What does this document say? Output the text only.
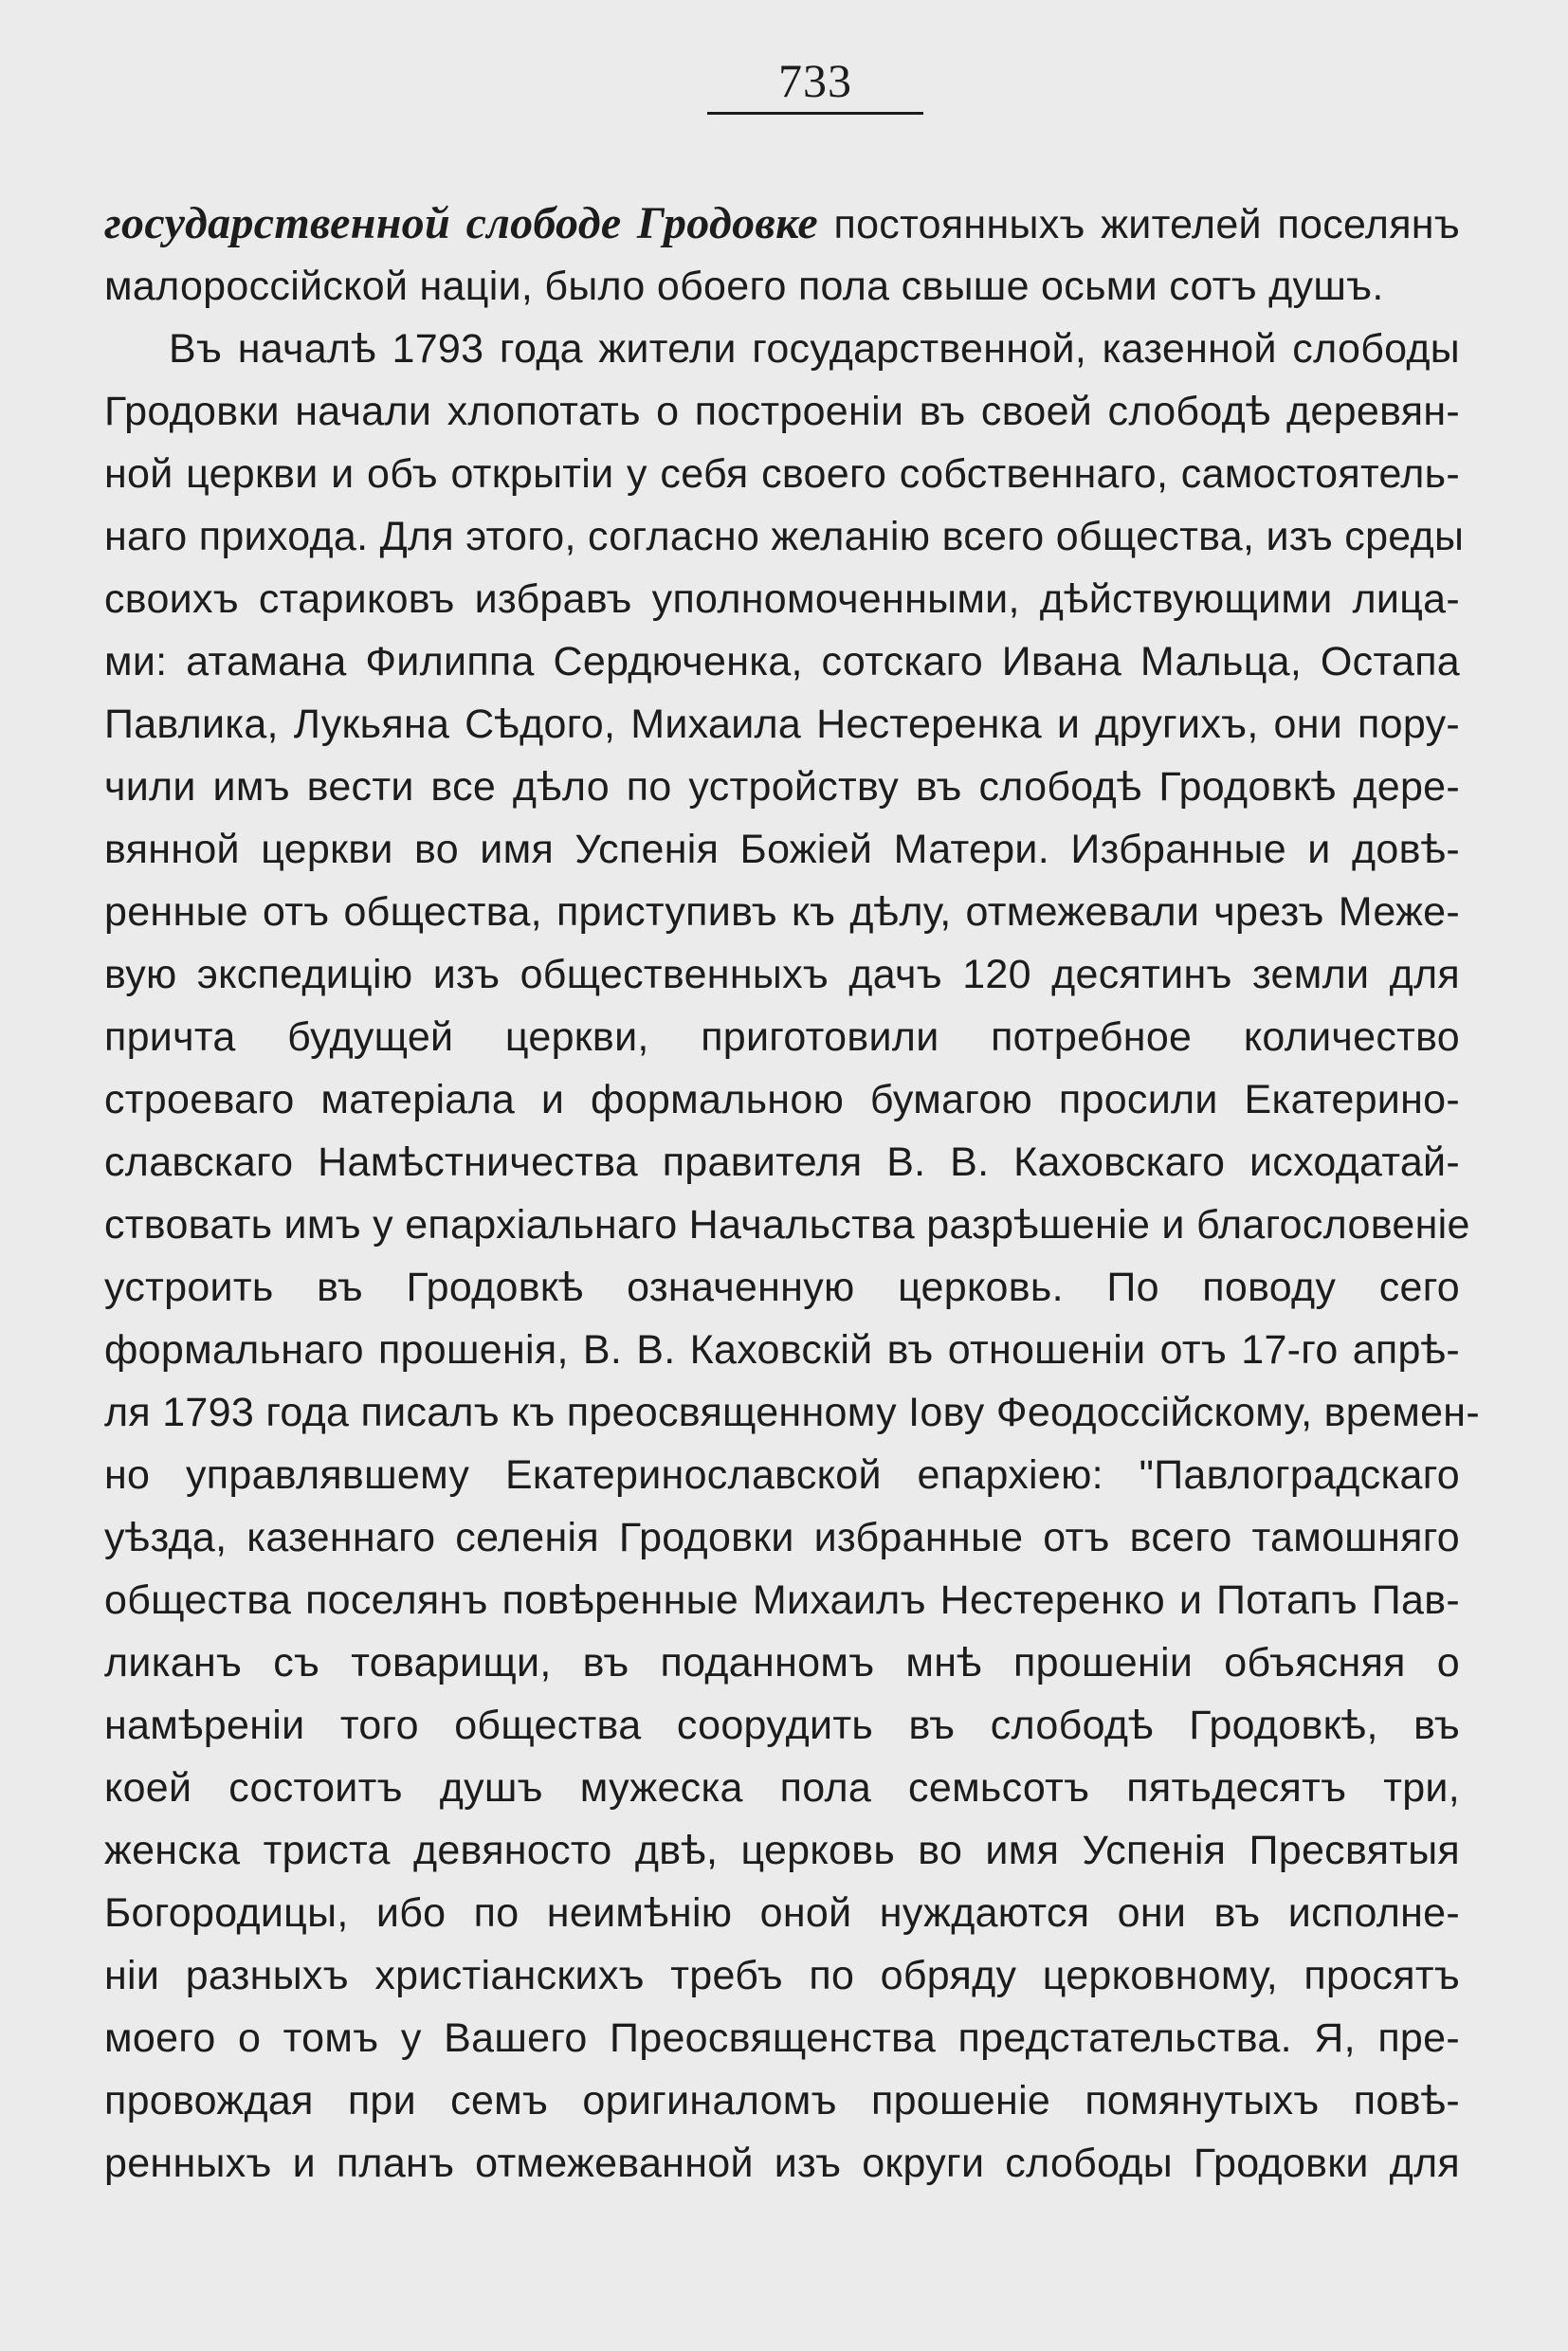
733
государственной слободе Гродовке постоянныхъ жителей поселянъ
малороссійской націи, было обоего пола свыше осьми сотъ душъ.
Въ началѣ 1793 года жители государственной, казенной слободы
Гродовки начали хлопотать о построеніи въ своей слободѣ деревян-
ной церкви и объ открытіи у себя своего собственнаго, самостоятель-
наго прихода. Для этого, согласно желанію всего общества, изъ среды
своихъ стариковъ избравъ уполномоченными, дѣйствующими лица-
ми: атамана Филиппа Сердюченка, сотскаго Ивана Мальца, Остапа
Павлика, Лукьяна Сѣдого, Михаила Нестеренка и другихъ, они пору-
чили имъ вести все дѣло по устройству въ слободѣ Гродовкѣ дере-
вянной церкви во имя Успенія Божіей Матери. Избранные и довѣ-
ренные отъ общества, приступивъ къ дѣлу, отмежевали чрезъ Меже-
вую экспедицію изъ общественныхъ дачъ 120 десятинъ земли для
причта будущей церкви, приготовили потребное количество
строеваго матеріала и формальною бумагою просили Екатерино-
славскаго Намѣстничества правителя В. В. Каховскаго исходатай-
ствовать имъ у епархіальнаго Начальства разрѣшеніе и благословеніе
устроить въ Гродовкѣ означенную церковь. По поводу сего
формальнаго прошенія, В. В. Каховскій въ отношеніи отъ 17-го апрѣ-
ля 1793 года писалъ къ преосвященному Іову Феодоссійскому, времен-
но управлявшему Екатеринославской епархіею: "Павлоградскаго
уѣзда, казеннаго селенія Гродовки избранные отъ всего тамошняго
общества поселянъ повѣренные Михаилъ Нестеренко и Потапъ Пав-
ликанъ съ товарищи, въ поданномъ мнѣ прошеніи объясняя о
намѣреніи того общества соорудить въ слободѣ Гродовкѣ, въ
коей состоитъ душъ мужеска пола семьсотъ пятьдесятъ три,
женска триста девяносто двѣ, церковь во имя Успенія Пресвятыя
Богородицы, ибо по неимѣнію оной нуждаются они въ исполне-
ніи разныхъ христіанскихъ требъ по обряду церковному, просятъ
моего о томъ у Вашего Преосвященства предстательства. Я, пре-
провождая при семъ оригиналомъ прошеніе помянутыхъ повѣ-
ренныхъ и планъ отмежеванной изъ округи слободы Гродовки для
